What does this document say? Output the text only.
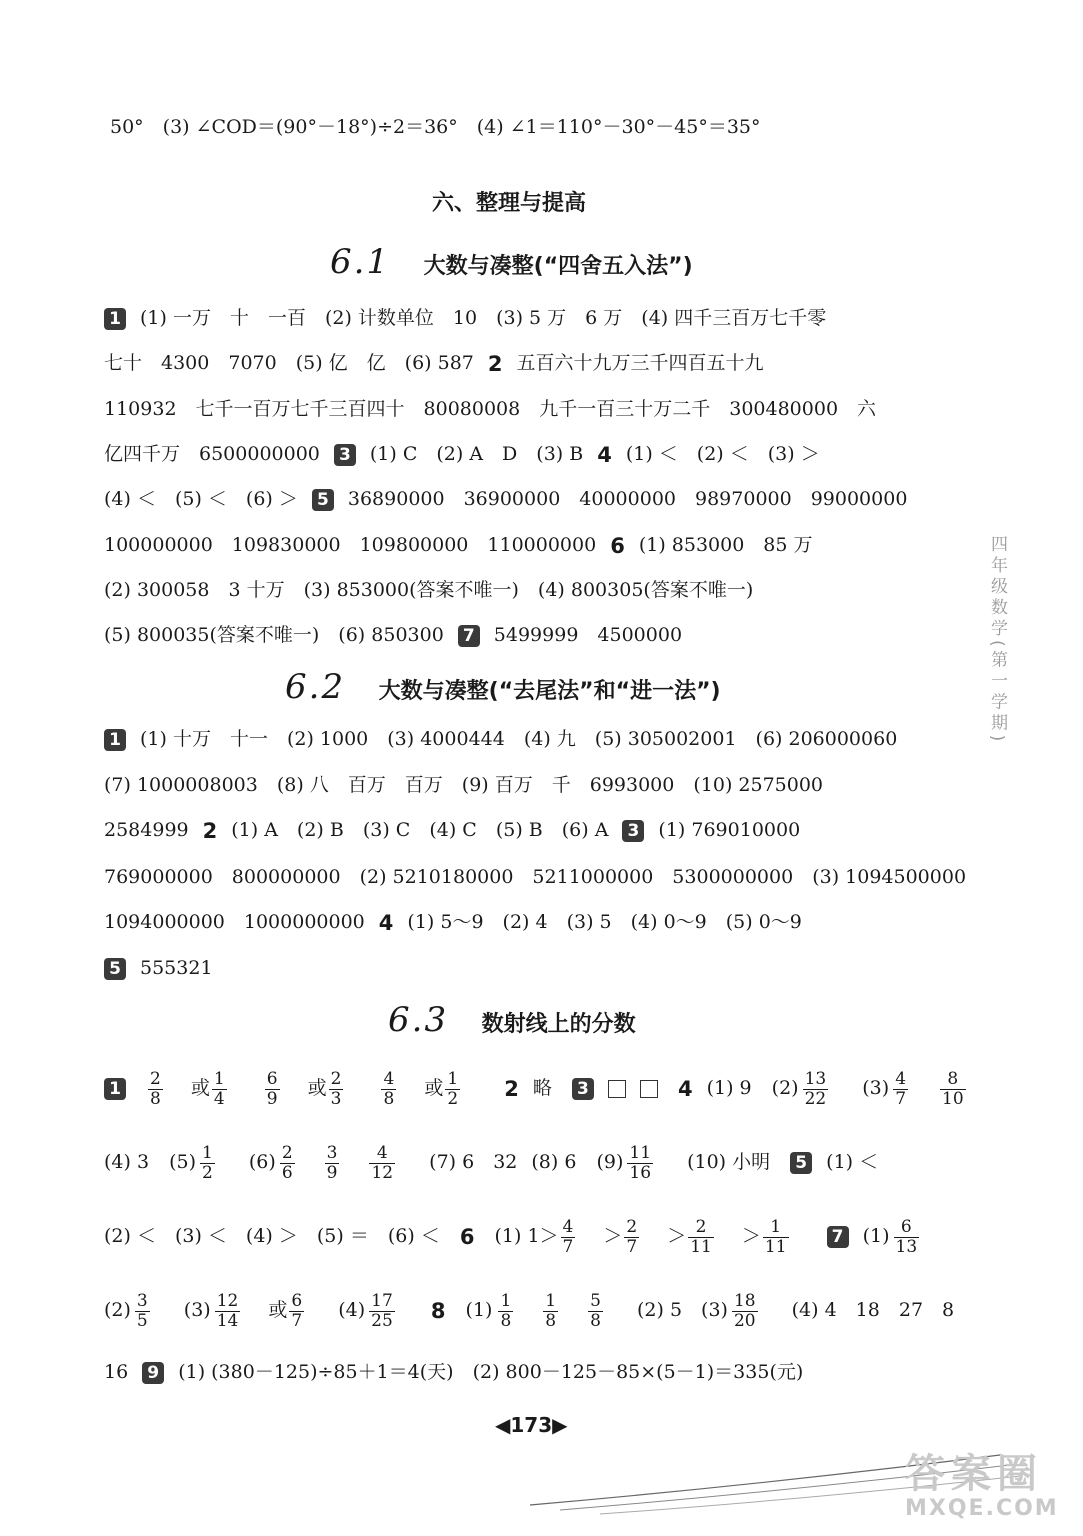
50°　(3) ∠COD＝(90°－18°)÷2＝36°　(4) ∠1＝110°－30°－45°＝35°
六、整理与提高
6.1 大数与凑整(“四舍五入法”)
1 (1) 一万　十　一百　(2) 计数单位　10　(3) 5 万　6 万　(4) 四千三百万七千零
七十　4300　7070　(5) 亿　亿　(6) 587 2 五百六十九万三千四百五十九
110932　七千一百万七千三百四十　80080008　九千一百三十万二千　300480000　六
亿四千万　6500000000 3 (1) C　(2) A　D　(3) B 4 (1) ＜　(2) ＜　(3) ＞
(4) ＜　(5) ＜　(6) ＞ 5 36890000　36900000　40000000　98970000　99000000
100000000　109830000　109800000　110000000 6 (1) 853000　85 万
(2) 300058　3 十万　(3) 853000(答案不唯一)　(4) 800305(答案不唯一)
(5) 800035(答案不唯一)　(6) 850300 7 5499999　4500000
6.2 大数与凑整(“去尾法”和“进一法”)
1 (1) 十万　十一　(2) 1000　(3) 4000444　(4) 九　(5) 305002001　(6) 206000060
(7) 1000008003　(8) 八　百万　百万　(9) 百万　千　6993000　(10) 2575000
2584999 2 (1) A　(2) B　(3) C　(4) C　(5) B　(6) A 3 (1) 769010000
769000000　800000000　(2) 5210180000　5211000000　5300000000　(3) 1094500000
1094000000　1000000000 4 (1) 5～9　(2) 4　(3) 5　(4) 0～9　(5) 0～9
5 555321
6.3 数射线上的分数
$1 \frac{2}{8}$ 或 $\frac{1}{4}$
$\frac{6}{9}$ 或 $\frac{2}{3}$
$\frac{4}{8}$ 或 $\frac{1}{2} 2$ 略 3	4 (1) 9 $(2) \frac{13}{22} (3) \frac{4}{7} \frac{8}{10}$
(4) 3 $(5) \frac{1}{2} (6) \frac{2}{6} \frac{3}{9} \frac{4}{12} (7)$ 6　32 (8) 6 $(9) \frac{11}{16} (10)$ 小明 5 (1) ＜
(2) ＜　(3) ＜　(4) ＞　(5) ＝　(6) ＜ 6 (1) $1> \frac{4}{7} > \frac{2}{7} > \frac{2}{11} > \frac{1}{11} 7$ $(1) \frac{6}{13}$
$(2) \frac{3}{5} (3) \frac{12}{14}$ 或 $\frac{6}{7} (4) \frac{17}{25} 8$ $(1) \frac{1}{8} \frac{1}{8} \frac{5}{8} (2)$ 5　$(3) \frac{18}{20} (4)$ 4　18　27　8
16 9 (1) (380－125)÷85＋1＝4(天)　(2) 800－125－85×(5－1)＝335(元)
四年级数学(第一学期)
◀173▶
答案圈
MXQE.COM
